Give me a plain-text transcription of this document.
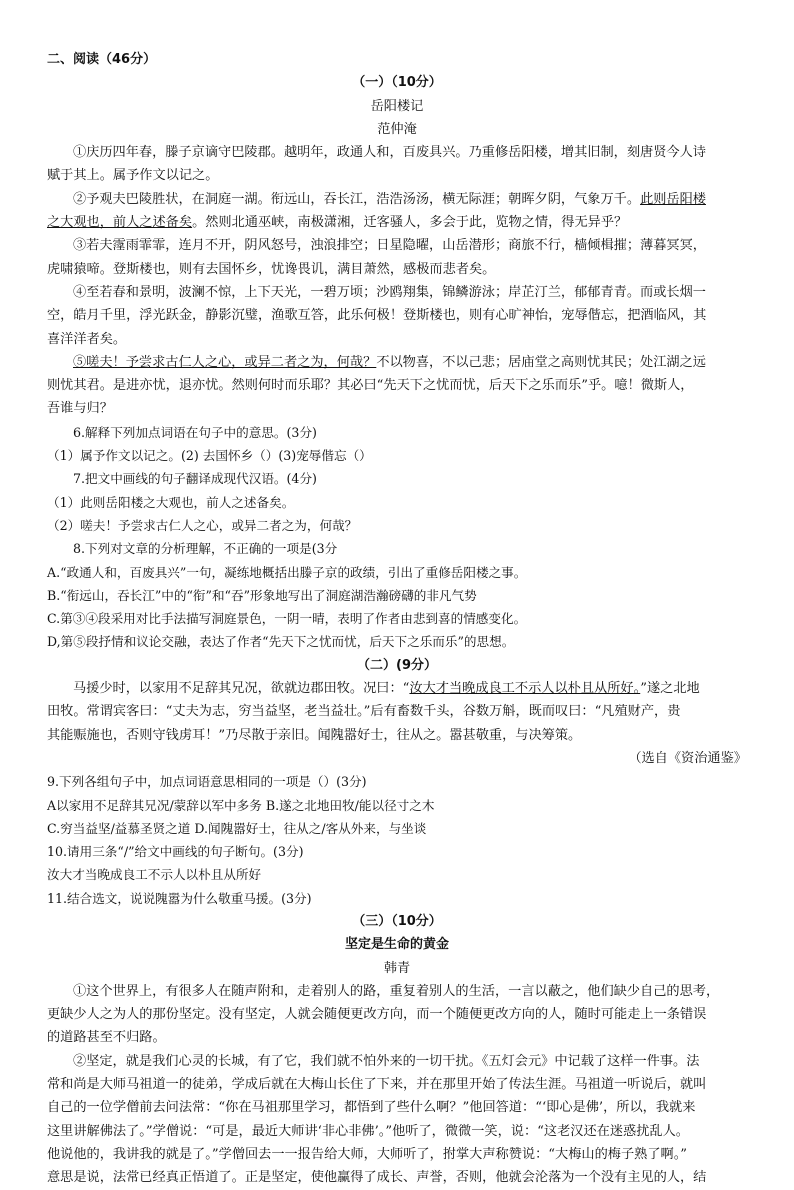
二、阅读（46分）
（一）（10分）
岳阳楼记
范仲淹
①庆历四年春，滕子京谪守巴陵郡。越明年，政通人和，百废具兴。乃重修岳阳楼，增其旧制，刻唐贤今人诗
赋于其上。属予作文以记之。
②予观夫巴陵胜状，在洞庭一湖。衔远山，吞长江，浩浩汤汤，横无际涯；朝晖夕阴，气象万千。此则岳阳楼
之大观也，前人之述备矣。然则北通巫峡，南极潇湘，迁客骚人，多会于此，览物之情，得无异乎？
③若夫霪雨霏霏，连月不开，阴风怒号，浊浪排空；日星隐曜，山岳潜形；商旅不行，樯倾楫摧；薄暮冥冥，
虎啸猿啼。登斯楼也，则有去国怀乡，忧谗畏讥，满目萧然，感极而悲者矣。
④至若春和景明，波澜不惊，上下天光，一碧万顷；沙鸥翔集，锦鳞游泳；岸芷汀兰，郁郁青青。而或长烟一
空，皓月千里，浮光跃金，静影沉璧，渔歌互答，此乐何极！登斯楼也，则有心旷神怡，宠辱偕忘，把酒临风，其
喜洋洋者矣。
⑤嗟夫！予尝求古仁人之心，或异二者之为，何哉？不以物喜，不以己悲；居庙堂之高则忧其民；处江湖之远
则忧其君。是进亦忧，退亦忧。然则何时而乐耶？其必曰“先天下之忧而忧，后天下之乐而乐”乎。噫！微斯人，
吾谁与归？
6.解释下列加点词语在句子中的意思。(3分)
（1）属予作文以记之。(2) 去国怀乡（）(3)宠辱偕忘（）
7.把文中画线的句子翻译成现代汉语。(4分)
（1）此则岳阳楼之大观也，前人之述备矣。
（2）嗟夫！予尝求古仁人之心，或异二者之为，何哉？
8.下列对文章的分析理解，不正确的一项是(3分
A.“政通人和，百废具兴”一句，凝练地概括出滕子京的政绩，引出了重修岳阳楼之事。
B.“衔远山，吞长江”中的“衔”和“吞”形象地写出了洞庭湖浩瀚磅礴的非凡气势
C.第③④段采用对比手法描写洞庭景色，一阴一晴，表明了作者由悲到喜的情感变化。
D,第⑤段抒情和议论交融，表达了作者“先天下之忧而忧，后天下之乐而乐”的思想。
（二）(9分）
马援少时，以家用不足辞其兄况，欲就边郡田牧。况曰：“汝大才当晚成良工不示人以朴且从所好。”遂之北地
田牧。常谓宾客曰：“丈夫为志，穷当益坚，老当益壮。”后有畜数千头，谷数万斛，既而叹曰：“凡殖财产，贵
其能赈施也，否则守钱虏耳！”乃尽散于亲旧。闻隗嚣好士，往从之。嚣甚敬重，与决筹策。
（选自《资治通鉴》
9.下列各组句子中，加点词语意思相同的一项是（）(3分)
A以家用不足辞其兄况/蒙辞以军中多务 B.遂之北地田牧/能以径寸之木
C.穷当益坚/益慕圣贤之道 D.闻隗嚣好士，往从之/客从外来，与坐谈
10.请用三条“/”给文中画线的句子断句。(3分)
汝大才当晚成良工不示人以朴且从所好
11.结合选文，说说隗嚣为什么敬重马援。(3分)
（三）（10分）
坚定是生命的黄金
韩青
①这个世界上，有很多人在随声附和，走着别人的路，重复着别人的生活，一言以蔽之，他们缺少自己的思考，
更缺少人之为人的那份坚定。没有坚定，人就会随便更改方向，而一个随便更改方向的人，随时可能走上一条错误
的道路甚至不归路。
②坚定，就是我们心灵的长城，有了它，我们就不怕外来的一切干扰。《五灯会元》中记载了这样一件事。法
常和尚是大师马祖道一的徒弟，学成后就在大梅山长住了下来，并在那里开始了传法生涯。马祖道一听说后，就叫
自己的一位学僧前去问法常：“你在马祖那里学习，都悟到了些什么啊？”他回答道：“‘即心是佛’，所以，我就来
这里讲解佛法了。”学僧说：“可是，最近大师讲‘非心非佛’。”他听了，微微一笑，说：“这老汉还在迷惑扰乱人。
他说他的，我讲我的就是了。”学僧回去一一报告给大师，大师听了，拊掌大声称赞说：“大梅山的梅子熟了啊。”
意思是说，法常已经真正悟道了。正是坚定，使他赢得了成长、声誉，否则，他就会沦落为一个没有主见的人，结
